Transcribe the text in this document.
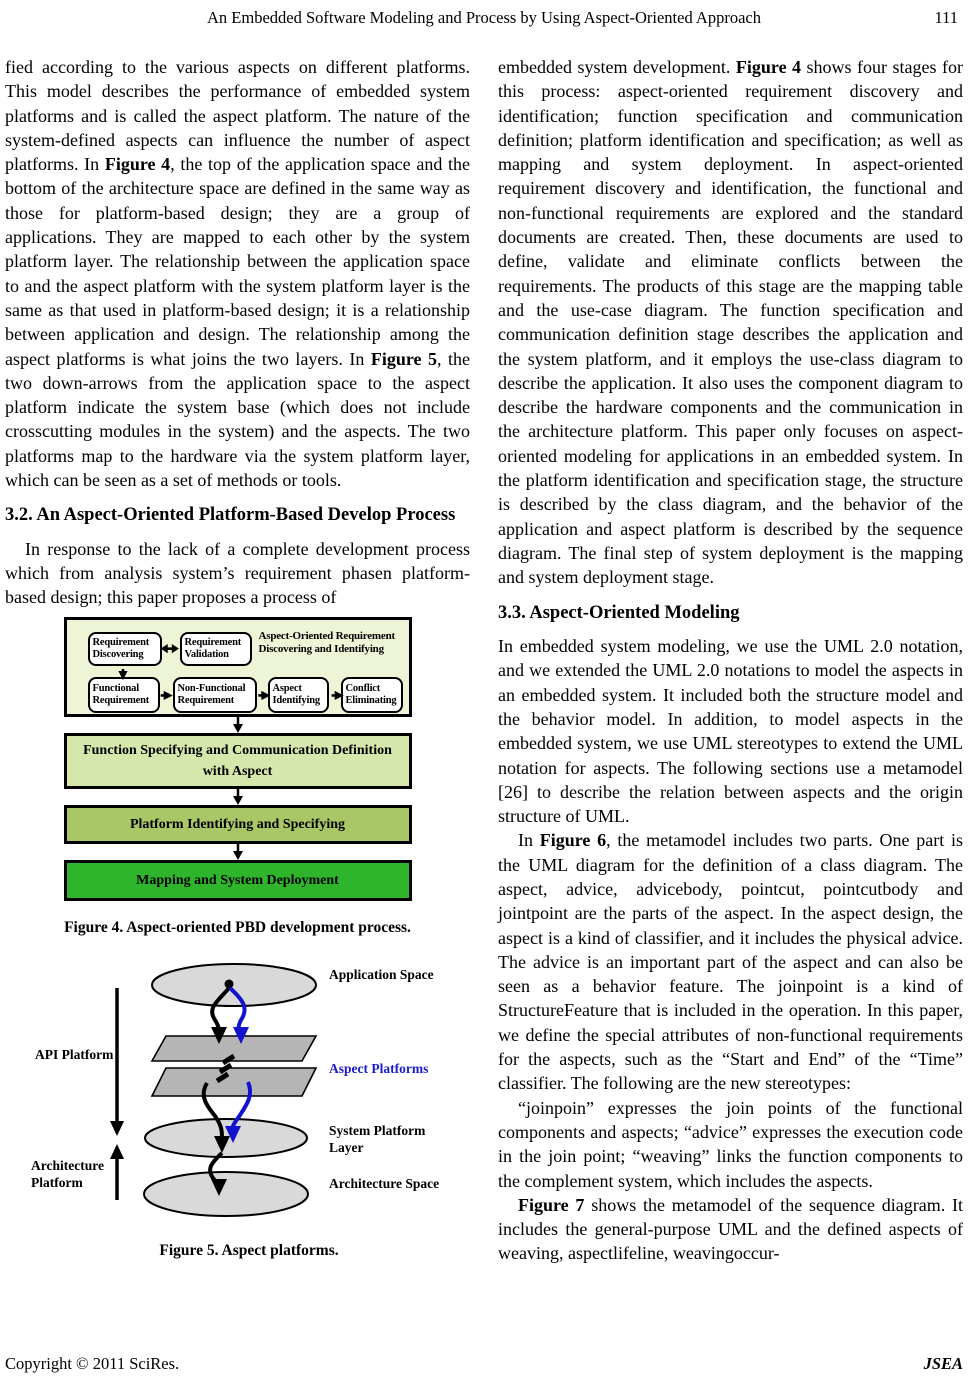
An Embedded Software Modeling and Process by Using Aspect-Oriented Approach	111

fied according to the various aspects on different platforms. This model describes the performance of embedded system platforms and is called the aspect platform. The nature of the system-defined aspects can influence the number of aspect platforms. In Figure 4, the top of the application space and the bottom of the architecture space are defined in the same way as those for platform-based design; they are a group of applications. They are mapped to each other by the system platform layer. The relationship between the application space to and the aspect platform with the system platform layer is the same as that used in platform-based design; it is a relationship between application and design. The relationship among the aspect platforms is what joins the two layers. In Figure 5, the two down-arrows from the application space to the aspect platform indicate the system base (which does not include crosscutting modules in the system) and the aspects. The two platforms map to the hardware via the system platform layer, which can be seen as a set of methods or tools.

3.2. An Aspect-Oriented Platform-Based Develop Process

In response to the lack of a complete development process which from analysis system’s requirement phasen platform-based design; this paper proposes a process of

Requirement Discovering
Requirement Validation
Aspect-Oriented Requirement Discovering and Identifying
Functional Requirement
Non-Functional Requirement
Aspect Identifying
Conflict Eliminating
Function Specifying and Communication Definition with Aspect
Platform Identifying and Specifying
Mapping and System Deployment
Figure 4. Aspect-oriented PBD development process.
Application Space
Aspect Platforms
System Platform Layer
Architecture Space
API Platform
Architecture Platform
Figure 5. Aspect platforms.

embedded system development. Figure 4 shows four stages for this process: aspect-oriented requirement discovery and identification; function specification and communication definition; platform identification and specification; as well as mapping and system deployment. In aspect-oriented requirement discovery and identification, the functional and non-functional requirements are explored and the standard documents are created. Then, these documents are used to define, validate and eliminate conflicts between the requirements. The products of this stage are the mapping table and the use-case diagram. The function specification and communication definition stage describes the application and the system platform, and it employs the use-class diagram to describe the application. It also uses the component diagram to describe the hardware components and the communication in the architecture platform. This paper only focuses on aspect-oriented modeling for applications in an embedded system. In the platform identification and specification stage, the structure is described by the class diagram, and the behavior of the application and aspect platform is described by the sequence diagram. The final step of system deployment is the mapping and system deployment stage.

3.3. Aspect-Oriented Modeling

In embedded system modeling, we use the UML 2.0 notation, and we extended the UML 2.0 notations to model the aspects in an embedded system. It included both the structure model and the behavior model. In addition, to model aspects in the embedded system, we use UML stereotypes to extend the UML notation for aspects. The following sections use a metamodel [26] to describe the relation between aspects and the origin structure of UML.

In Figure 6, the metamodel includes two parts. One part is the UML diagram for the definition of a class diagram. The aspect, advice, advicebody, pointcut, pointcutbody and jointpoint are the parts of the aspect. In the aspect design, the aspect is a kind of classifier, and it includes the physical advice. The advice is an important part of the aspect and can also be seen as a behavior feature. The joinpoint is a kind of StructureFeature that is included in the operation. In this paper, we define the special attributes of non-functional requirements for the aspects, such as the “Start and End” of the “Time” classifier. The following are the new stereotypes:

“joinpoin” expresses the join points of the functional components and aspects; “advice” expresses the execution code in the join point; “weaving” links the function components to the complement system, which includes the aspects.

Figure 7 shows the metamodel of the sequence diagram. It includes the general-purpose UML and the defined aspects of weaving, aspectlifeline, weavingoccur-

Copyright © 2011 SciRes.	JSEA
